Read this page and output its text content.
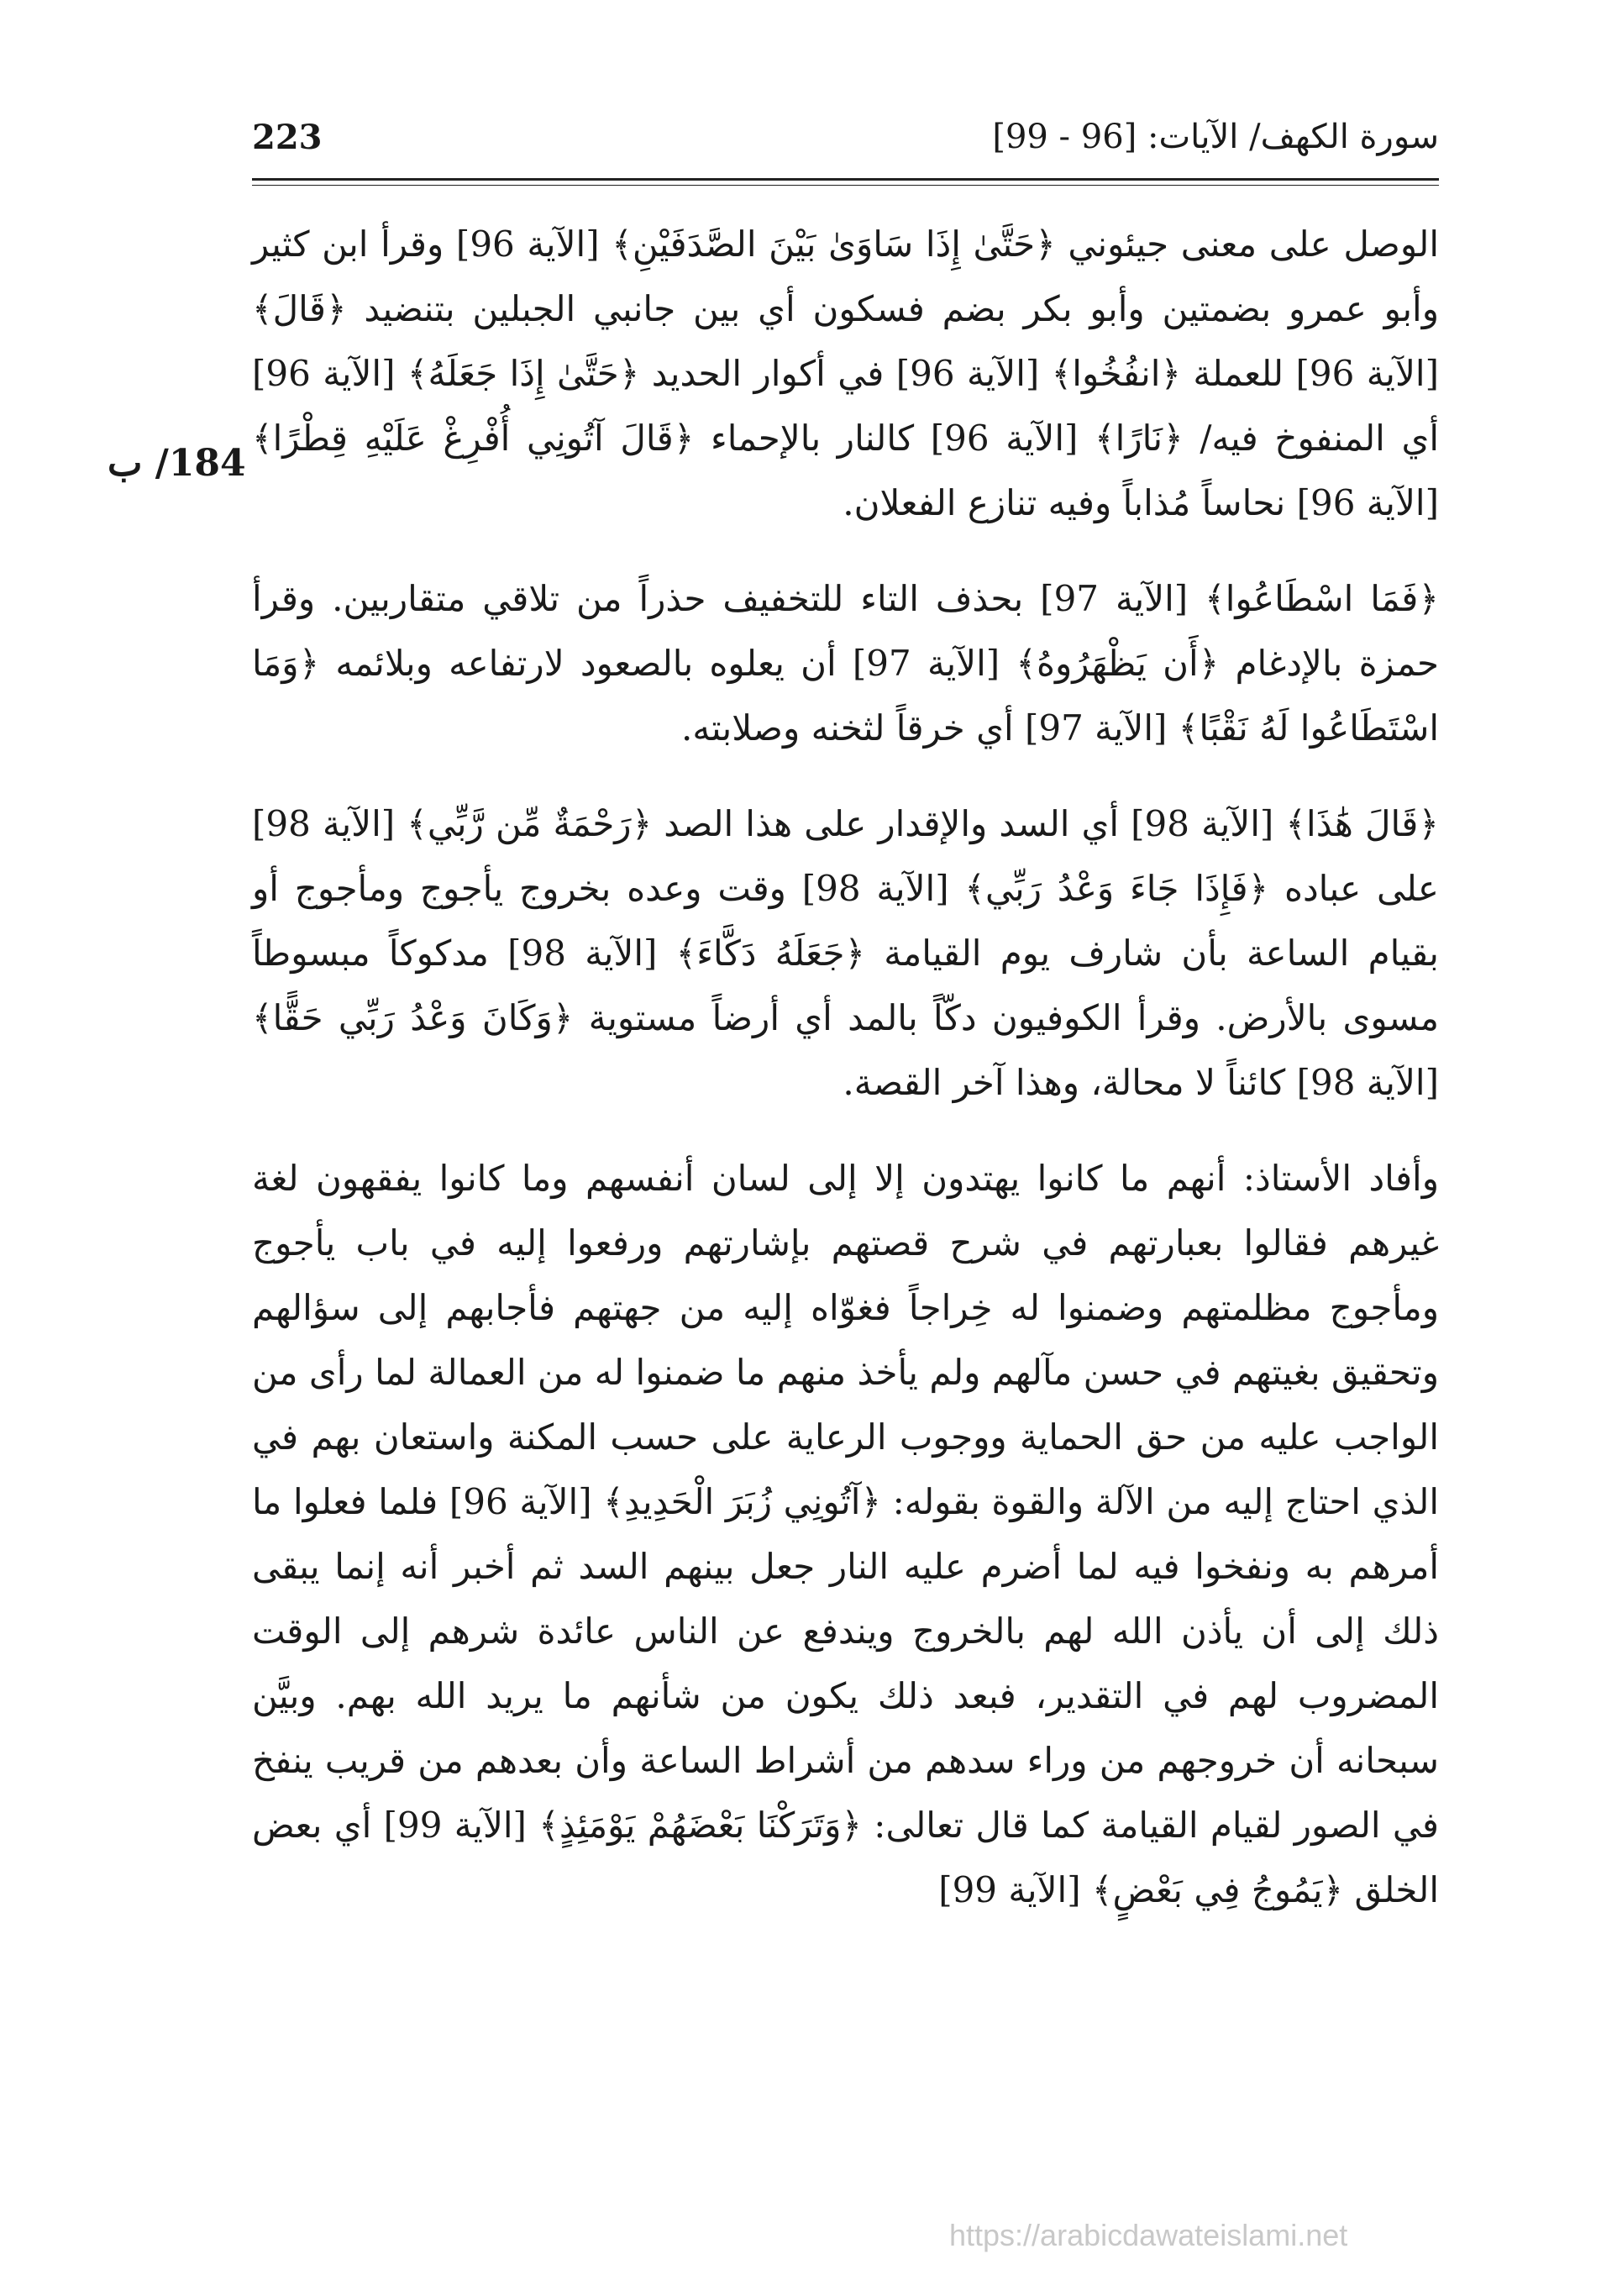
سورة الكهف/ الآيات: [96 - 99]
223
184/ ب

الوصل على معنى جيئوني ﴿حَتَّىٰ إِذَا سَاوَىٰ بَيْنَ الصَّدَفَيْنِ﴾ [الآية 96] وقرأ ابن كثير وأبو عمرو بضمتين وأبو بكر بضم فسكون أي بين جانبي الجبلين بتنضيد ﴿قَالَ﴾ [الآية 96] للعملة ﴿انفُخُوا﴾ [الآية 96] في أكوار الحديد ﴿حَتَّىٰ إِذَا جَعَلَهُ﴾ [الآية 96] أي المنفوخ فيه/ ﴿نَارًا﴾ [الآية 96] كالنار بالإحماء ﴿قَالَ آتُونِي أُفْرِغْ عَلَيْهِ قِطْرًا﴾ [الآية 96] نحاساً مُذاباً وفيه تنازع الفعلان.

﴿فَمَا اسْطَاعُوا﴾ [الآية 97] بحذف التاء للتخفيف حذراً من تلاقي متقاربين. وقرأ حمزة بالإدغام ﴿أَن يَظْهَرُوهُ﴾ [الآية 97] أن يعلوه بالصعود لارتفاعه وبلائمه ﴿وَمَا اسْتَطَاعُوا لَهُ نَقْبًا﴾ [الآية 97] أي خرقاً لثخنه وصلابته.

﴿قَالَ هَٰذَا﴾ [الآية 98] أي السد والإقدار على هذا الصد ﴿رَحْمَةٌ مِّن رَّبِّي﴾ [الآية 98] على عباده ﴿فَإِذَا جَاءَ وَعْدُ رَبِّي﴾ [الآية 98] وقت وعده بخروج يأجوج ومأجوج أو بقيام الساعة بأن شارف يوم القيامة ﴿جَعَلَهُ دَكَّاءَ﴾ [الآية 98] مدكوكاً مبسوطاً مسوى بالأرض. وقرأ الكوفيون دكّاً بالمد أي أرضاً مستوية ﴿وَكَانَ وَعْدُ رَبِّي حَقًّا﴾ [الآية 98] كائناً لا محالة، وهذا آخر القصة.

وأفاد الأستاذ: أنهم ما كانوا يهتدون إلا إلى لسان أنفسهم وما كانوا يفقهون لغة غيرهم فقالوا بعبارتهم في شرح قصتهم بإشارتهم ورفعوا إليه في باب يأجوج ومأجوج مظلمتهم وضمنوا له خِراجاً فغوّاه إليه من جهتهم فأجابهم إلى سؤالهم وتحقيق بغيتهم في حسن مآلهم ولم يأخذ منهم ما ضمنوا له من العمالة لما رأى من الواجب عليه من حق الحماية ووجوب الرعاية على حسب المكنة واستعان بهم في الذي احتاج إليه من الآلة والقوة بقوله: ﴿آتُونِي زُبَرَ الْحَدِيدِ﴾ [الآية 96] فلما فعلوا ما أمرهم به ونفخوا فيه لما أضرم عليه النار جعل بينهم السد ثم أخبر أنه إنما يبقى ذلك إلى أن يأذن الله لهم بالخروج ويندفع عن الناس عائدة شرهم إلى الوقت المضروب لهم في التقدير، فبعد ذلك يكون من شأنهم ما يريد الله بهم. وبيَّن سبحانه أن خروجهم من وراء سدهم من أشراط الساعة وأن بعدهم من قريب ينفخ في الصور لقيام القيامة كما قال تعالى: ﴿وَتَرَكْنَا بَعْضَهُمْ يَوْمَئِذٍ﴾ [الآية 99] أي بعض الخلق ﴿يَمُوجُ فِي بَعْضٍ﴾ [الآية 99]

https://arabicdawateislami.net
